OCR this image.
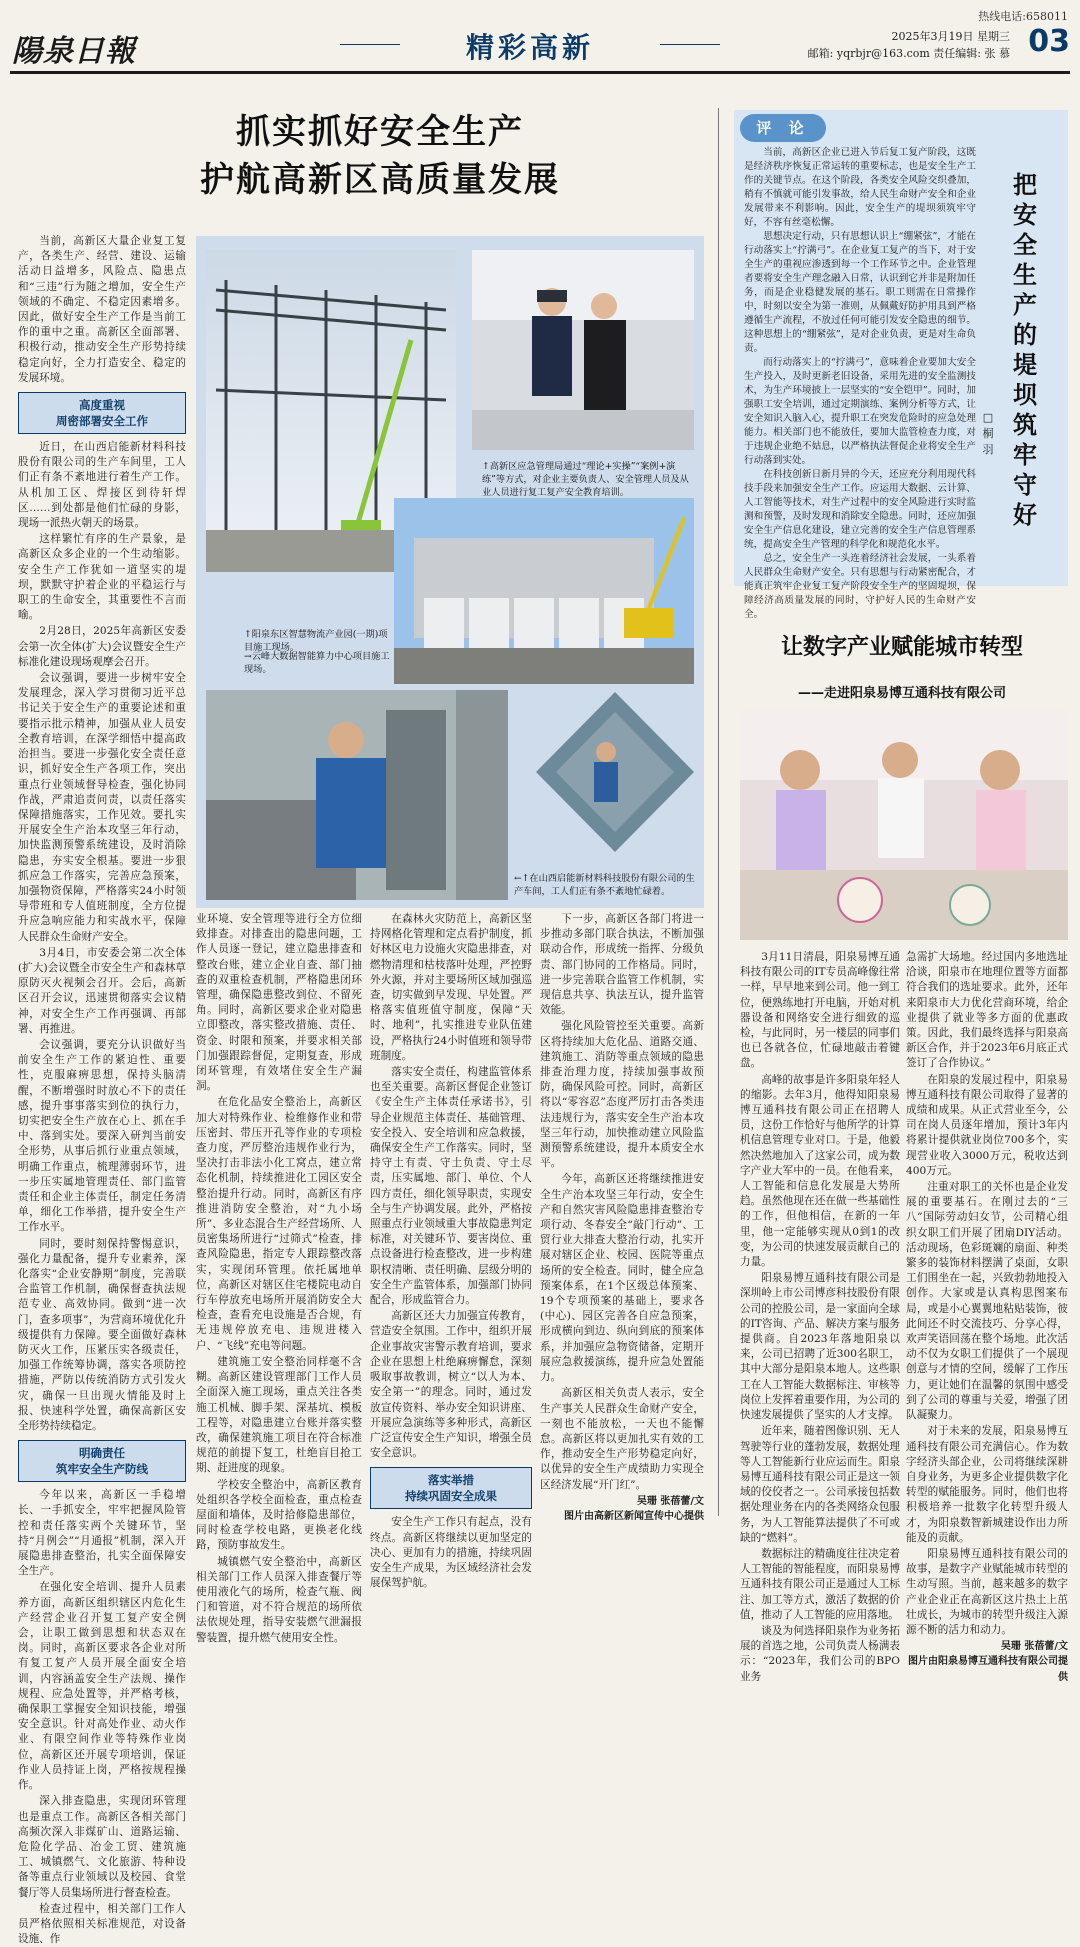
热线电话:658011
陽泉日報	精彩高新	2025年3月19日 星期三
邮箱: yqrbjr@163.com 责任编辑: 张 慕 03
抓实抓好安全生产
护航高新区高质量发展

当前，高新区大量企业复工复产，各类生产、经营、建设、运输活动日益增多，风险点、隐患点和“三违”行为随之增加，安全生产领域的不确定、不稳定因素增多。因此，做好安全生产工作是当前工作的重中之重。高新区全面部署、积极行动，推动安全生产形势持续稳定向好，全力打造安全、稳定的发展环境。

高度重视
周密部署安全工作

近日，在山西启能新材料科技股份有限公司的生产车间里，工人们正有条不紊地进行着生产工作。从机加工区、焊接区到待轩焊区……到处都是他们忙碌的身影，现场一派热火朝天的场景。

这样繁忙有序的生产景象，是高新区众多企业的一个生动缩影。安全生产工作犹如一道坚实的堤坝，默默守护着企业的平稳运行与职工的生命安全，其重要性不言而喻。

2月28日，2025年高新区安委会第一次全体(扩大)会议暨安全生产标准化建设现场观摩会召开。

会议强调，要进一步树牢安全发展理念，深入学习贯彻习近平总书记关于安全生产的重要论述和重要指示批示精神，加强从业人员安全教育培训，在深学细悟中提高政治担当。要进一步强化安全责任意识，抓好安全生产各项工作，突出重点行业领域督导检查，强化协同作战，严肃追责问责，以责任落实保障措施落实，工作见效。要扎实开展安全生产治本攻坚三年行动，加快监测预警系统建设，及时消除隐患，夯实安全根基。要进一步狠抓应急工作落实，完善应急预案，加强物资保障，严格落实24小时领导带班和专人值班制度，全方位提升应急响应能力和实战水平，保障人民群众生命财产安全。

3月4日，市安委会第二次全体(扩大)会议暨全市安全生产和森林草原防灭火视频会召开。会后，高新区召开会议，迅速贯彻落实会议精神，对安全生产工作再强调、再部署、再推进。

会议强调，要充分认识做好当前安全生产工作的紧迫性、重要性，克服麻痹思想，保持头脑清醒，不断增强时时放心不下的责任感，提升事事落实到位的执行力，切实把安全生产放在心上、抓在手中、落到实处。要深入研判当前安全形势，从事后抓行业重点领域，明确工作重点，梳理薄弱环节，进一步压实属地管理责任、部门监管责任和企业主体责任，制定任务清单，细化工作举措，提升安全生产工作水平。

同时，要时刻保持警惕意识，强化力量配备，提升专业素养，深化落实“企业安静期”制度，完善联合监管工作机制，确保督查执法规范专业、高效协同。做到“进一次门，查多项事”，为营商环境优化升级提供有力保障。要全面做好森林防灭火工作，压紧压实各级责任，加强工作统筹协调，落实各项防控措施，严防以传统消防方式引发火灾，确保一旦出现火情能及时上报、快速科学处置，确保高新区安全形势持续稳定。

明确责任
筑牢安全生产防线

今年以来，高新区一手稳增长、一手抓安全，牢牢把握风险管控和责任落实两个关键环节，坚持“月例会”“月通报”机制，深入开展隐患排查整治，扎实全面保障安全生产。

在强化安全培训、提升人员素养方面，高新区组织辖区内危化生产经营企业召开复工复产安全例会，让职工做到思想和状态双在岗。同时，高新区要求各企业对所有复工复产人员开展全面安全培训，内容涵盖安全生产法规、操作规程、应急处置等，并严格考核，确保职工掌握安全知识技能，增强安全意识。针对高处作业、动火作业、有限空间作业等特殊作业岗位，高新区还开展专项培训，保证作业人员持证上岗，严格按规程操作。

深入排查隐患，实现闭环管理也是重点工作。高新区各相关部门高频次深入非煤矿山、道路运输、危险化学品、冶金工贸、建筑施工、城镇燃气、文化旅游、特种设备等重点行业领域以及校园、食堂餐厅等人员集场所进行督查检查。

检查过程中，相关部门工作人员严格依照相关标准规范，对设备设施、作

↑高新区应急管理局通过“理论+实操”“案例+演练”等方式，对企业主要负责人、安全管理人员及从业人员进行复工复产安全教育培训。
↑阳泉东区智慧物流产业园(一期)项目施工现场。
→云峰大数据智能算力中心项目施工现场。
←↑在山西启能新材料科技股份有限公司的生产车间，工人们正有条不紊地忙碌着。

业环境、安全管理等进行全方位细致排查。对排查出的隐患问题，工作人员逐一登记，建立隐患排查和整改台账，建立企业自查、部门抽查的双重检查机制，严格隐患闭环管理，确保隐患整改到位、不留死角。同时，高新区要求企业对隐患立即整改，落实整改措施、责任、资金、时限和预案，并要求相关部门加强跟踪督促，定期复查，形成闭环管理，有效堵住安全生产漏洞。

在危化品安全整治上，高新区加大对特殊作业、检维修作业和带压密封、带压开孔等作业的专项检查力度，严厉整治违规作业行为，坚决打击非法小化工窝点，建立常态化机制，持续推进化工园区安全整治提升行动。同时，高新区有序推进消防安全整治，对“九小场所”、多业态混合生产经营场所、人员密集场所进行“过筛式”检查，排查风险隐患，指定专人跟踪整改落实，实现闭环管理。依托属地单位，高新区对辖区住宅楼院电动自行车停放充电场所开展消防安全大检查，查看充电设施是否合规，有无违规停放充电、违规进楼入户、“飞线”充电等问题。

建筑施工安全整治同样毫不含糊。高新区建设管理部门工作人员全面深入施工现场，重点关注各类施工机械、脚手架、深基坑、模板工程等，对隐患建立台账并落实整改，确保建筑施工项目在符合标准规范的前提下复工，杜绝盲目抢工期、赶进度的现象。

学校安全整治中，高新区教育处组织各学校全面检查，重点检查屋面和墙体，及时拾修隐患部位，同时检查学校电路，更换老化线路，预防事故发生。

城镇燃气安全整治中，高新区相关部门工作人员深入排查餐厅等使用液化气的场所，检查气瓶、阀门和管道，对不符合规范的场所依法依规处理，指导安装燃气泄漏报警装置，提升燃气使用安全性。

在森林火灾防范上，高新区坚持网格化管理和定点看护制度，抓好林区电力设施火灾隐患排查，对燃物清理和枯枝落叶处理，严控野外火源，并对主要场所区域加强巡查，切实做到早发现、早处置。严格落实值班值守制度，保障“天时、地利”，扎实推进专业队伍建设，严格执行24小时值班和领导带班制度。

落实安全责任，构建监管体系也至关重要。高新区督促企业签订《安全生产主体责任承诺书》，引导企业规范主体责任、基础管理、安全投入、安全培训和应急救援，确保安全生产工作落实。同时，坚持守土有责、守土负责、守土尽责，压实属地、部门、单位、个人四方责任，细化领导职责，实现安全与生产协调发展。此外，严格按照重点行业领域重大事故隐患判定标准，对关键环节、要害岗位、重点设备进行检查整改，进一步构建职权清晰、责任明确、层级分明的安全生产监管体系，加强部门协同配合，形成监管合力。

高新区还大力加强宣传教育，营造安全氛围。工作中，组织开展企业事故灾害警示教育培训，要求企业在思想上杜绝麻痹懈怠，深刻吸取事故教训，树立“以人为本、安全第一”的理念。同时，通过发放宣传资料、举办安全知识讲座、开展应急演练等多种形式，高新区广泛宣传安全生产知识，增强全员安全意识。

落实举措
持续巩固安全成果

安全生产工作只有起点，没有终点。高新区将继续以更加坚定的决心、更加有力的措施，持续巩固安全生产成果，为区域经济社会发展保驾护航。

下一步，高新区各部门将进一步推动多部门联合执法，不断加强联动合作，形成统一指挥、分级负责、部门协同的工作格局。同时，进一步完善联合监管工作机制，实现信息共享、执法互认，提升监管效能。

强化风险管控至关重要。高新区将持续加大危化品、道路交通、建筑施工、消防等重点领域的隐患排查治理力度，持续加强事故预防，确保风险可控。同时，高新区将以“零容忍”态度严厉打击各类违法违规行为，落实安全生产治本攻坚三年行动，加快推动建立风险监测预警系统建设，提升本质安全水平。

今年，高新区还将继续推进安全生产治本攻坚三年行动，安全生产和自然灾害风险隐患排查整治专项行动、冬春安全“敲门行动”、工贸行业大排查大整治行动，扎实开展对辖区企业、校园、医院等重点场所的安全检查。同时，健全应急预案体系，在1个区级总体预案、19个专项预案的基础上，要求各(中心)、园区完善各自应急预案，形成横向到边、纵向到底的预案体系，并加强应急物资储备，定期开展应急救援演练，提升应急处置能力。

高新区相关负责人表示，安全生产事关人民群众生命财产安全，一刻也不能放松，一天也不能懈怠。高新区将以更加扎实有效的工作，推动安全生产形势稳定向好，以优异的安全生产成绩助力实现全区经济发展“开门红”。

吴珊 张蓓蕾/文
图片由高新区新闻宣传中心提供
评 论

当前，高新区企业已进入节后复工复产阶段，这既是经济秩序恢复正常运转的重要标志，也是安全生产工作的关键节点。在这个阶段，各类安全风险交织叠加，稍有不慎就可能引发事故，给人民生命财产安全和企业发展带来不利影响。因此，安全生产的堤坝须筑牢守好，不容有丝毫松懈。

思想决定行动，只有思想认识上“绷紧弦”，才能在行动落实上“拧满弓”。在企业复工复产的当下，对于安全生产的重视应渗透到每一个工作环节之中。企业管理者要将安全生产理念融入日常，认识到它并非是附加任务，而是企业稳健发展的基石。职工则需在日常操作中，时刻以安全为第一准则，从佩戴好防护用具到严格遵循生产流程，不放过任何可能引发安全隐患的细节。这种思想上的“绷紧弦”，是对企业负责，更是对生命负责。

而行动落实上的“拧满弓”，意味着企业要加大安全生产投入，及时更新老旧设备，采用先进的安全监测技术，为生产环境披上一层坚实的“安全铠甲”。同时，加强职工安全培训，通过定期演练、案例分析等方式，让安全知识入脑入心，提升职工在突发危险时的应急处理能力。相关部门也不能放任，要加大监管检查力度，对于违规企业绝不姑息，以严格执法督促企业将安全生产行动落到实处。

在科技创新日新月异的今天，还应充分利用现代科技手段来加强安全生产工作。应运用大数据、云计算、人工智能等技术，对生产过程中的安全风险进行实时监测和预警，及时发现和消除安全隐患。同时，还应加强安全生产信息化建设，建立完善的安全生产信息管理系统，提高安全生产管理的科学化和规范化水平。

总之，安全生产一头连着经济社会发展，一头系着人民群众生命财产安全。只有思想与行动紧密配合，才能真正筑牢企业复工复产阶段安全生产的坚固堤坝，保障经济高质量发展的同时，守护好人民的生命财产安全。

□桐 羽
把安全生产的堤坝筑牢守好
让数字产业赋能城市转型
——走进阳泉易博互通科技有限公司

3月11日清晨，阳泉易博互通科技有限公司的IT专员高峰像往常一样，早早地来到公司。他一到工位，便熟练地打开电脑，开始对机器设备和网络安全进行细致的巡检，与此同时，另一楼层的同事们也已各就各位，忙碌地敲击着键盘。

高峰的故事是许多阳泉年轻人的缩影。去年3月，他得知阳泉易博互通科技有限公司正在招聘人员，这份工作恰好与他所学的计算机信息管理专业对口。于是，他毅然决然地加入了这家公司，成为数字产业大军中的一员。在他看来，人工智能和信息化发展是大势所趋。虽然他现在还在做一些基础性的工作，但他相信，在新的一年里，他一定能够实现从0到1的改变，为公司的快速发展贡献自己的力量。

阳泉易博互通科技有限公司是深圳岭上市公司博彦科技股份有限公司的控股公司，是一家面向全球的IT咨询、产品、解决方案与服务提供商。自2023年落地阳泉以来，公司已招聘了近300名职工，其中大部分是阳泉本地人。这些职工在人工智能大数据标注、审核等岗位上发挥着重要作用，为公司的快速发展提供了坚实的人才支撑。

近年来，随着图像识别、无人驾驶等行业的蓬勃发展，数据处理等人工智能新行业应运而生。阳泉易博互通科技有限公司正是这一领域的佼佼者之一。公司承接包括数据处理业务在内的各类网络众包服务，为人工智能算法提供了不可或缺的“燃料”。

数据标注的精确度往往决定着人工智能的智能程度，而阳泉易博互通科技有限公司正是通过人工标注、加工等方式，激活了数据的价值，推动了人工智能的应用落地。

谈及为何选择阳泉作为业务拓展的首选之地，公司负责人杨满表示：“2023年，我们公司的BPO业务

急需扩大场地。经过国内多地选址洽谈，阳泉市在地理位置等方面都符合我们的选址要求。此外，还年来阳泉市大力优化营商环境，给企业提供了就业等多方面的优惠政策。因此，我们最终选择与阳泉高新区合作，并于2023年6月底正式签订了合作协议。”

在阳泉的发展过程中，阳泉易博互通科技有限公司取得了显著的成绩和成果。从正式营业至今，公司在岗人员逐年增加，预计3年内将累计提供就业岗位700多个，实现营业收入3000万元，税收达到400万元。

注重对职工的关怀也是企业发展的重要基石。在刚过去的“三八”国际劳动妇女节，公司精心组织女职工们开展了团扇DIY活动。活动现场，色彩斑斓的扇面、种类繁多的装饰材料摆满了桌面，女职工们围坐在一起，兴致勃勃地投入创作。大家或是认真构思图案布局，或是小心翼翼地粘贴装饰，彼此间还不时交流技巧、分享心得，欢声笑语回荡在整个场地。此次活动不仅为女职工们提供了一个展现创意与才情的空间，缓解了工作压力，更让她们在温馨的氛围中感受到了公司的尊重与关爱，增强了团队凝聚力。

对于未来的发展，阳泉易博互通科技有限公司充满信心。作为数字经济头部企业，公司将继续深耕自身业务，为更多企业提供数字化转型的赋能服务。同时，他们也将积极培养一批数字化转型升级人才，为阳泉数智新城建设作出力所能及的贡献。

阳泉易博互通科技有限公司的故事，是数字产业赋能城市转型的生动写照。当前，越来越多的数字产业企业正在高新区这片热土上茁壮成长，为城市的转型升级注入源源不断的活力和动力。

吴珊 张蓓蕾/文
图片由阳泉易博互通科技有限公司提供
